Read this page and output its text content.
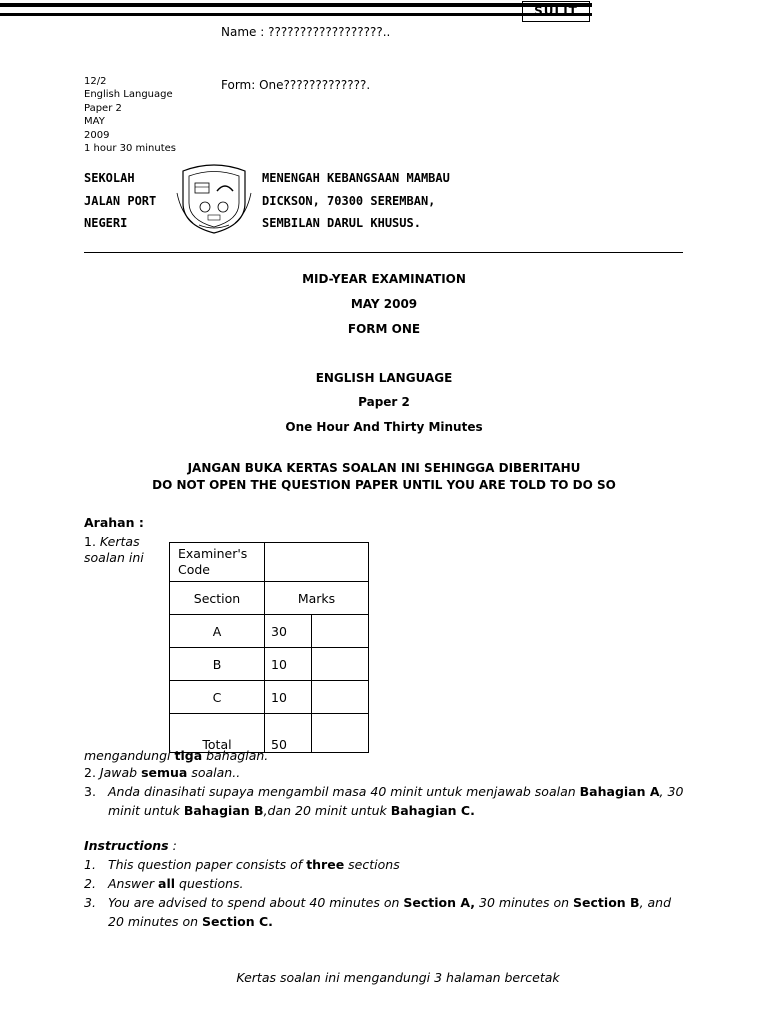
SULIT
Name : ??????????????????..
12/2
English Language
Paper 2
MAY
2009
1 hour 30 minutes
Form: One?????????????.
SEKOLAH
JALAN PORT
NEGERI
MENENGAH KEBANGSAAN MAMBAU
DICKSON, 70300 SEREMBAN,
SEMBILAN DARUL KHUSUS.
MID-YEAR EXAMINATION
MAY 2009
FORM ONE
ENGLISH LANGUAGE
Paper 2
One Hour And Thirty Minutes
JANGAN BUKA KERTAS SOALAN INI SEHINGGA DIBERITAHU
DO NOT OPEN THE QUESTION PAPER UNTIL YOU ARE TOLD TO DO SO
Arahan :
1. Kertas soalan ini	Examiner's
Code		
Section	Marks	
A	30	
B	10	
C	10	
Total	50	
mengandungi tiga bahagian.
2. Jawab semua soalan..
3. Anda dinasihati supaya mengambil masa 40 minit untuk menjawab soalan Bahagian A, 30
minit untuk Bahagian B,dan 20 minit untuk Bahagian C.
Instructions :
1. This question paper consists of three sections
2. Answer all questions.
3. You are advised to spend about 40 minutes on Section A, 30 minutes on Section B, and
20 minutes on Section C.
Kertas soalan ini mengandungi 3 halaman bercetak
